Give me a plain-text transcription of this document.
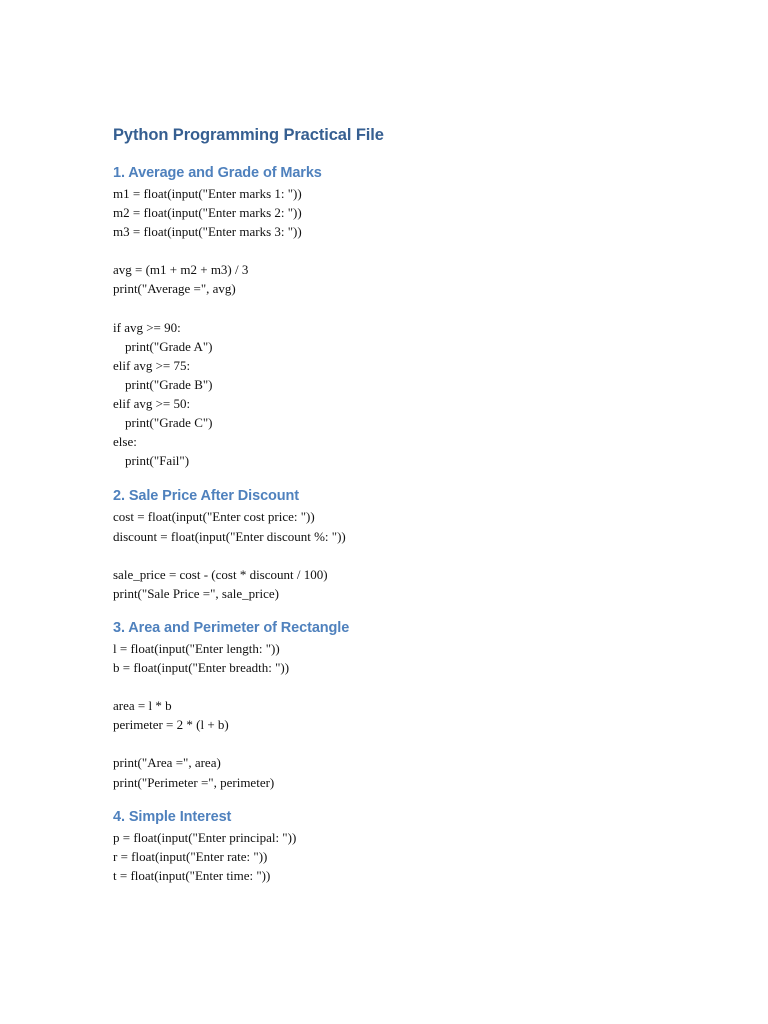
Python Programming Practical File
1. Average and Grade of Marks
m1 = float(input("Enter marks 1: "))
m2 = float(input("Enter marks 2: "))
m3 = float(input("Enter marks 3: "))
avg = (m1 + m2 + m3) / 3
print("Average =", avg)
if avg >= 90:
print("Grade A")
elif avg >= 75:
print("Grade B")
elif avg >= 50:
print("Grade C")
else:
print("Fail")
2. Sale Price After Discount
cost = float(input("Enter cost price: "))
discount = float(input("Enter discount %: "))
sale_price = cost - (cost * discount / 100)
print("Sale Price =", sale_price)
3. Area and Perimeter of Rectangle
l = float(input("Enter length: "))
b = float(input("Enter breadth: "))
area = l * b
perimeter = 2 * (l + b)
print("Area =", area)
print("Perimeter =", perimeter)
4. Simple Interest
p = float(input("Enter principal: "))
r = float(input("Enter rate: "))
t = float(input("Enter time: "))
